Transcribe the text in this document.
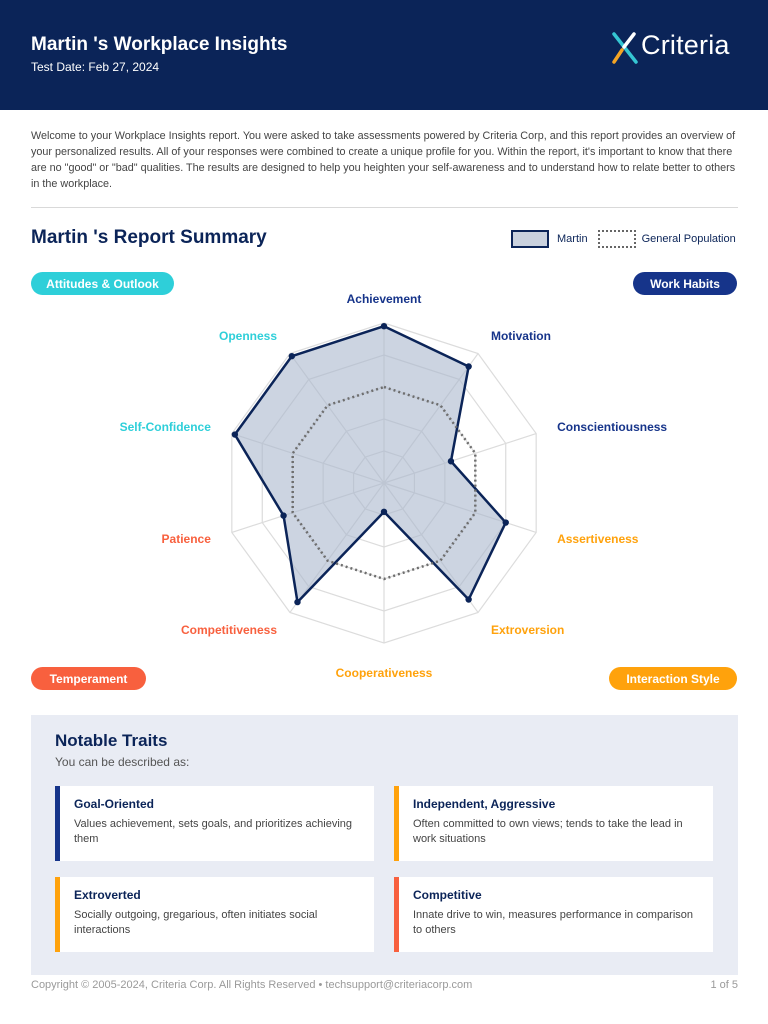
Martin 's Workplace Insights
Test Date: Feb 27, 2024
Criteria

Welcome to your Workplace Insights report. You were asked to take assessments powered by Criteria Corp, and this report provides an overview of your personalized results. All of your responses were combined to create a unique profile for you. Within the report, it's important to know that there are no "good" or "bad" qualities. The results are designed to help you heighten your self-awareness and to understand how to relate better to others in the workplace.

Martin 's Report Summary	Martin	General Population
Attitudes & Outlook	Work Habits
Temperament	Interaction Style
Achievement
Motivation
Conscientiousness
Assertiveness
Extroversion
Cooperativeness
Competitiveness
Patience
Self-Confidence
Openness
Notable Traits
You can be described as:
Goal-Oriented
Values achievement, sets goals, and prioritizes achieving them
Independent, Aggressive
Often committed to own views; tends to take the lead in work situations
Extroverted
Socially outgoing, gregarious, often initiates social interactions
Competitive
Innate drive to win, measures performance in comparison to others
Copyright © 2005-2024, Criteria Corp. All Rights Reserved • techsupport@criteriacorp.com	1 of 5
